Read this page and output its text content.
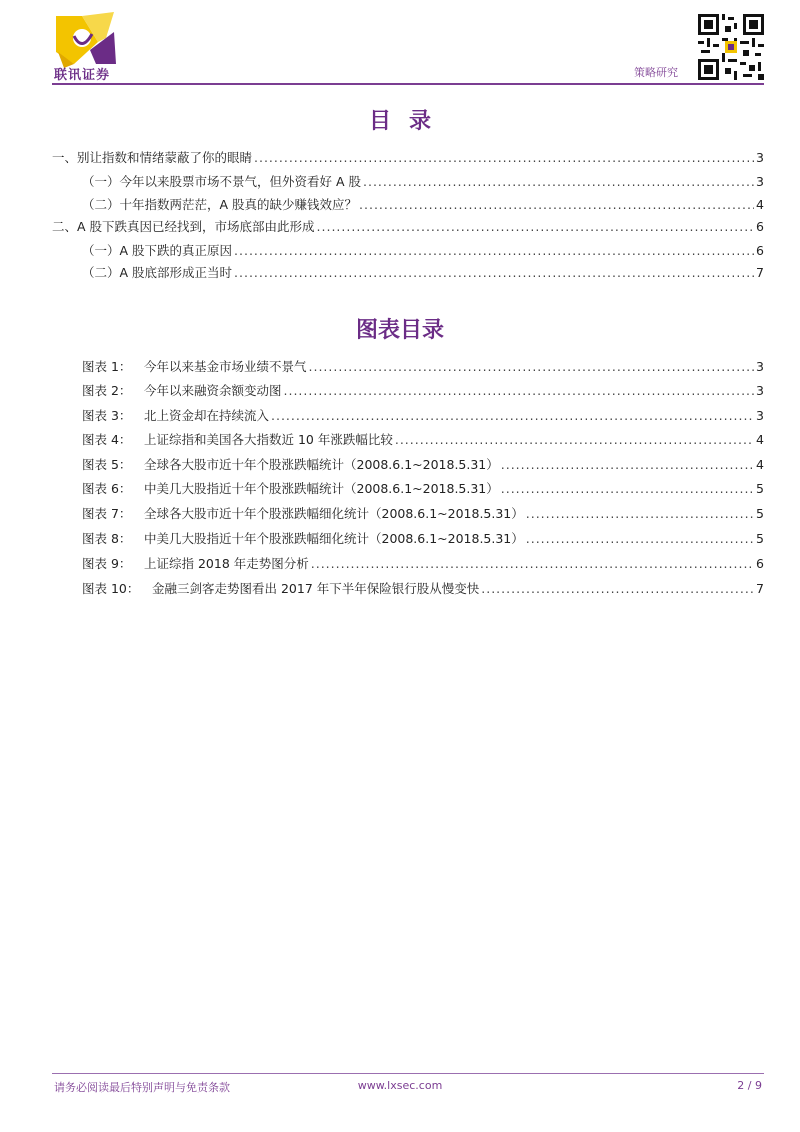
联讯证券	策略研究
目录
一、别让指数和情绪蒙蔽了你的眼睛 .....	3
（一）今年以来股票市场不景气，但外资看好 A 股 .....	3
（二）十年指数两茫茫，A 股真的缺少赚钱效应？ .....	4
二、A 股下跌真因已经找到，市场底部由此形成 .....	6
（一）A 股下跌的真正原因 .....	6
（二）A 股底部形成正当时 .....	7
图表目录
图表 1：	今年以来基金市场业绩不景气 .....	3
图表 2：	今年以来融资余额变动图 .....	3
图表 3：	北上资金却在持续流入 .....	3
图表 4：	上证综指和美国各大指数近 10 年涨跌幅比较 .....	4
图表 5：	全球各大股市近十年个股涨跌幅统计（2008.6.1~2018.5.31） .....	4
图表 6：	中美几大股指近十年个股涨跌幅统计（2008.6.1~2018.5.31） .....	5
图表 7：	全球各大股市近十年个股涨跌幅细化统计（2008.6.1~2018.5.31） .....	5
图表 8：	中美几大股指近十年个股涨跌幅细化统计（2008.6.1~2018.5.31） .....	5
图表 9：	上证综指 2018 年走势图分析 .....	6
图表 10：	金融三剑客走势图看出 2017 年下半年保险银行股从慢变快 .....	7
请务必阅读最后特别声明与免责条款	www.lxsec.com	2 / 9
